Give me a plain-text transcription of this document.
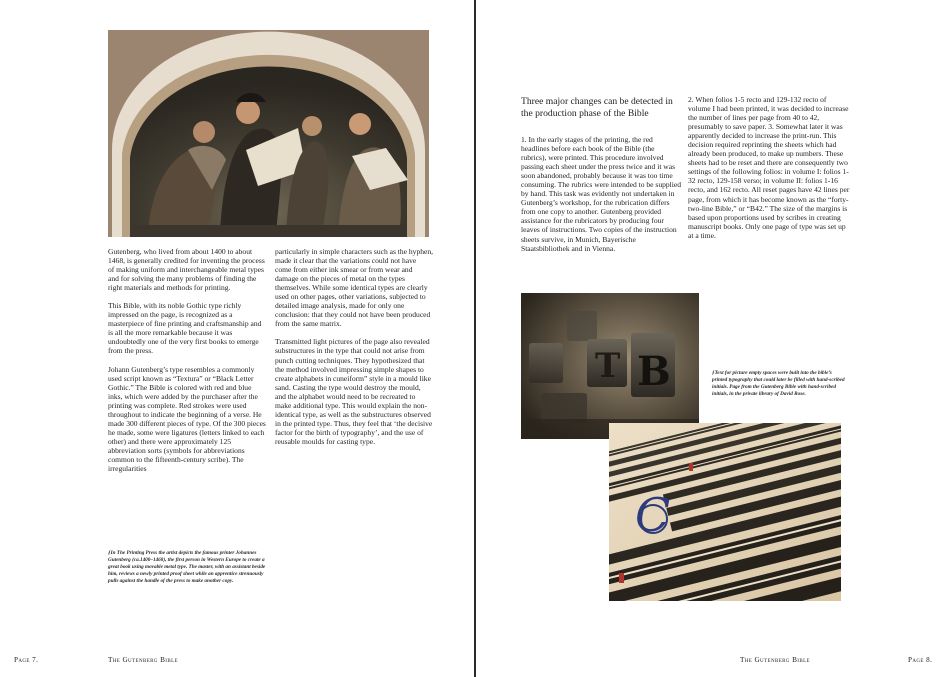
Gutenberg, who lived from about 1400 to about 1468, is generally credited for inventing the process of making uniform and interchangeable metal types and for solving the many problems of finding the right materials and methods for printing.

This Bible, with its noble Gothic type richly impressed on the page, is recognized as a masterpiece of fine printing and craftsmanship and is all the more remarkable because it was undoubtedly one of the very first books to emerge from the press.

Johann Gutenberg’s type resembles a commonly used script known as “Textura” or “Black Letter Gothic.” The Bible is colored with red and blue inks, which were added by the purchaser after the printing was complete. Red strokes were used throughout to indicate the beginning of a verse. He made 300 different pieces of type. Of the 300 pieces he made, some were ligatures (letters linked to each other) and there were approximately 125 abbreviation sorts (symbols for abbreviations common to the fifteenth-century scribe). The irregularities

particularly in simple characters such as the hyphen, made it clear that the variations could not have come from either ink smear or from wear and damage on the pieces of metal on the types themselves. While some identical types are clearly used on other pages, other variations, subjected to detailed image analysis, made for only one conclusion: that they could not have been produced from the same matrix.

Transmitted light pictures of the page also revealed substructures in the type that could not arise from punch cutting techniques. They hypothesized that the method involved impressing simple shapes to create alphabets in cuneiform” style in a mould like sand. Casting the type would destroy the mould, and the alphabet would need to be recreated to make additional type. This would explain the non-identical type, as well as the substructures observed in the printed type. Thus, they feel that ‘the decisive factor for the birth of typography’, and the use of reusable moulds for casting type.

ƒIn The Printing Press the artist depicts the famous printer Johannes Gutenberg (ca.1400–1468), the first person in Western Europe to create a great book using movable metal type. The master, with an assistant beside him, reviews a newly printed proof sheet while an apprentice strenuously pulls against the handle of the press to make another copy.
Page 7.	The Gutenberg Bible
Three major changes can be detected in the production phase of the Bible

1. In the early stages of the printing, the red headlines before each book of the Bible (the rubrics), were printed. This procedure involved passing each sheet under the press twice and it was soon abandoned, probably because it was too time consuming. The rubrics were intended to be supplied by hand. This task was evidently not undertaken in Gutenberg’s workshop, for the rubrication differs from one copy to another. Gutenberg provided assistance for the rubricators by producing four leaves of instructions. Two copies of the instruction sheets survive, in Munich, Bayerische Staatsbibliothek and in Vienna.

2. When folios 1-5 recto and 129-132 recto of volume I had been printed, it was decided to increase the number of lines per page from 40 to 42, presumably to save paper. 3. Somewhat later it was apparently decided to increase the print-run. This decision required reprinting the sheets which had already been produced, to make up numbers. These sheets had to be reset and there are consequently two settings of the following folios: in volume I: folios 1-32 recto, 129-158 verso; in volume II: folios 1-16 recto, and 162 recto. All reset pages have 42 lines per page, from which it has become known as the “forty-two-line Bible,” or “B42.” The size of the margins is based upon proportions used by scribes in creating manuscript books. Only one page of type was set up at a time.

T B	ƒText for picture empty spaces were built into the bible’s printed typography that could later be filled with hand-scribed initials. Page from the Gutenberg Bible with hand-scribed initials, in the private library of David Rose.
C
The Gutenberg Bible	Page 8.
